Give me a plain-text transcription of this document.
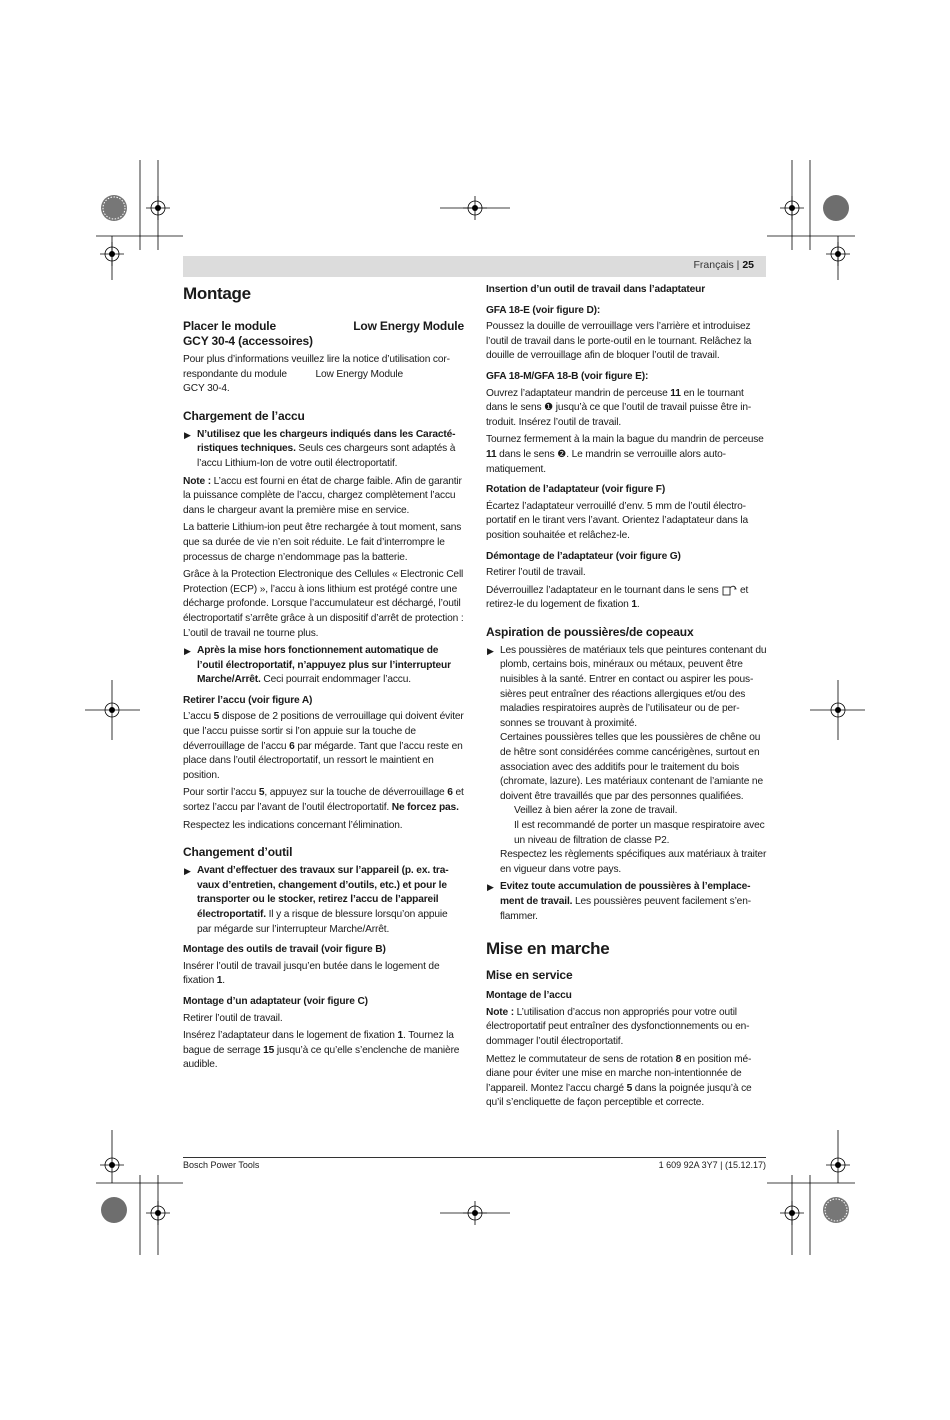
Français | 25
Montage
Placer le module	Low Energy Module
GCY 30-4 (accessoires)

Pour plus d’informations veuillez lire la notice d’utilisation cor-

respondante du module	Low Energy Module

GCY 30-4.

Chargement de l’accu

▶ N’utilisez que les chargeurs indiqués dans les Caractéristiques techniques. Seuls ces chargeurs sont adaptés à l’accu Lithium-Ion de votre outil électroportatif.

Note : L’accu est fourni en état de charge faible. Afin de garantir la puissance complète de l’accu, chargez complètement l’accu dans le chargeur avant la première mise en service.

La batterie Lithium-ion peut être rechargée à tout moment, sans que sa durée de vie n’en soit réduite. Le fait d’interrompre le processus de charge n’endommage pas la batterie.

Grâce à la Protection Electronique des Cellules « Electronic Cell Protection (ECP) », l’accu à ions lithium est protégé contre une décharge profonde. Lorsque l’accumulateur est déchargé, l’outil électroportatif s’arrête grâce à un dispositif d’arrêt de protection : L’outil de travail ne tourne plus.

▶ Après la mise hors fonctionnement automatique de l’outil électroportatif, n’appuyez plus sur l’interrupteur Marche/Arrêt. Ceci pourrait endommager l’accu.

Retirer l’accu (voir figure A)

L’accu 5 dispose de 2 positions de verrouillage qui doivent éviter que l’accu puisse sortir si l’on appuie sur la touche de déverrouillage de l’accu 6 par mégarde. Tant que l’accu reste en place dans l’outil électroportatif, un ressort le maintient en position.

Pour sortir l’accu 5, appuyez sur la touche de déverrouillage 6 et sortez l’accu par l’avant de l’outil électroportatif. Ne forcez pas.

Respectez les indications concernant l’élimination.

Changement d’outil

▶ Avant d’effectuer des travaux sur l’appareil (p. ex. travaux d’entretien, changement d’outils, etc.) et pour le transporter ou le stocker, retirez l’accu de l’appareil électroportatif. Il y a risque de blessure lorsqu’on appuie par mégarde sur l’interrupteur Marche/Arrêt.

Montage des outils de travail (voir figure B)

Insérer l’outil de travail jusqu’en butée dans le logement de fixation 1.

Montage d’un adaptateur (voir figure C)

Retirer l’outil de travail.

Insérez l’adaptateur dans le logement de fixation 1. Tournez la bague de serrage 15 jusqu’à ce qu’elle s’enclenche de manière audible.

Insertion d’un outil de travail dans l’adaptateur
GFA 18-E (voir figure D):

Poussez la douille de verrouillage vers l’arrière et introduisez l’outil de travail dans le porte-outil en le tournant. Relâchez la douille de verrouillage afin de bloquer l’outil de travail.

GFA 18-M/GFA 18-B (voir figure E):

Ouvrez l’adaptateur mandrin de perceuse 11 en le tournant dans le sens ❶ jusqu’à ce que l’outil de travail puisse être introduit. Insérez l’outil de travail.

Tournez fermement à la main la bague du mandrin de perceuse 11 dans le sens ❷. Le mandrin se verrouille alors automatiquement.

Rotation de l’adaptateur (voir figure F)

Écartez l’adaptateur verrouillé d’env. 5 mm de l’outil électroportatif en le tirant vers l’avant. Orientez l’adaptateur dans la position souhaitée et relâchez-le.

Démontage de l’adaptateur (voir figure G)

Retirer l’outil de travail.

Déverrouillez l’adaptateur en le tournant dans le sens et
retirez-le du logement de fixation 1.

Aspiration de poussières/de copeaux
▶ Les poussières de matériaux tels que peintures contenant du plomb, certains bois, minéraux ou métaux, peuvent être nuisibles à la santé. Entrer en contact ou aspirer les poussières peut entraîner des réactions allergiques et/ou des maladies respiratoires auprès de l’utilisateur ou de personnes se trouvant à proximité.
Certaines poussières telles que les poussières de chêne ou de hêtre sont considérées comme cancérigènes, surtout en association avec des additifs pour le traitement du bois (chromate, lazure). Les matériaux contenant de l’amiante ne doivent être travaillés que par des personnes qualifiées.
Veillez à bien aérer la zone de travail.
Il est recommandé de porter un masque respiratoire avec un niveau de filtration de classe P2.
Respectez les règlements spécifiques aux matériaux à traiter en vigueur dans votre pays.

▶ Evitez toute accumulation de poussières à l’emplacement de travail. Les poussières peuvent facilement s’enflammer.

Mise en marche
Mise en service
Montage de l’accu

Note : L’utilisation d’accus non appropriés pour votre outil électroportatif peut entraîner des dysfonctionnements ou endommager l’outil électroportatif.

Mettez le commutateur de sens de rotation 8 en position médiane pour éviter une mise en marche non-intentionnée de l’appareil. Montez l’accu chargé 5 dans la poignée jusqu’à ce qu’il s’encliquette de façon perceptible et correcte.

Bosch Power Tools	1 609 92A 3Y7 | (15.12.17)
